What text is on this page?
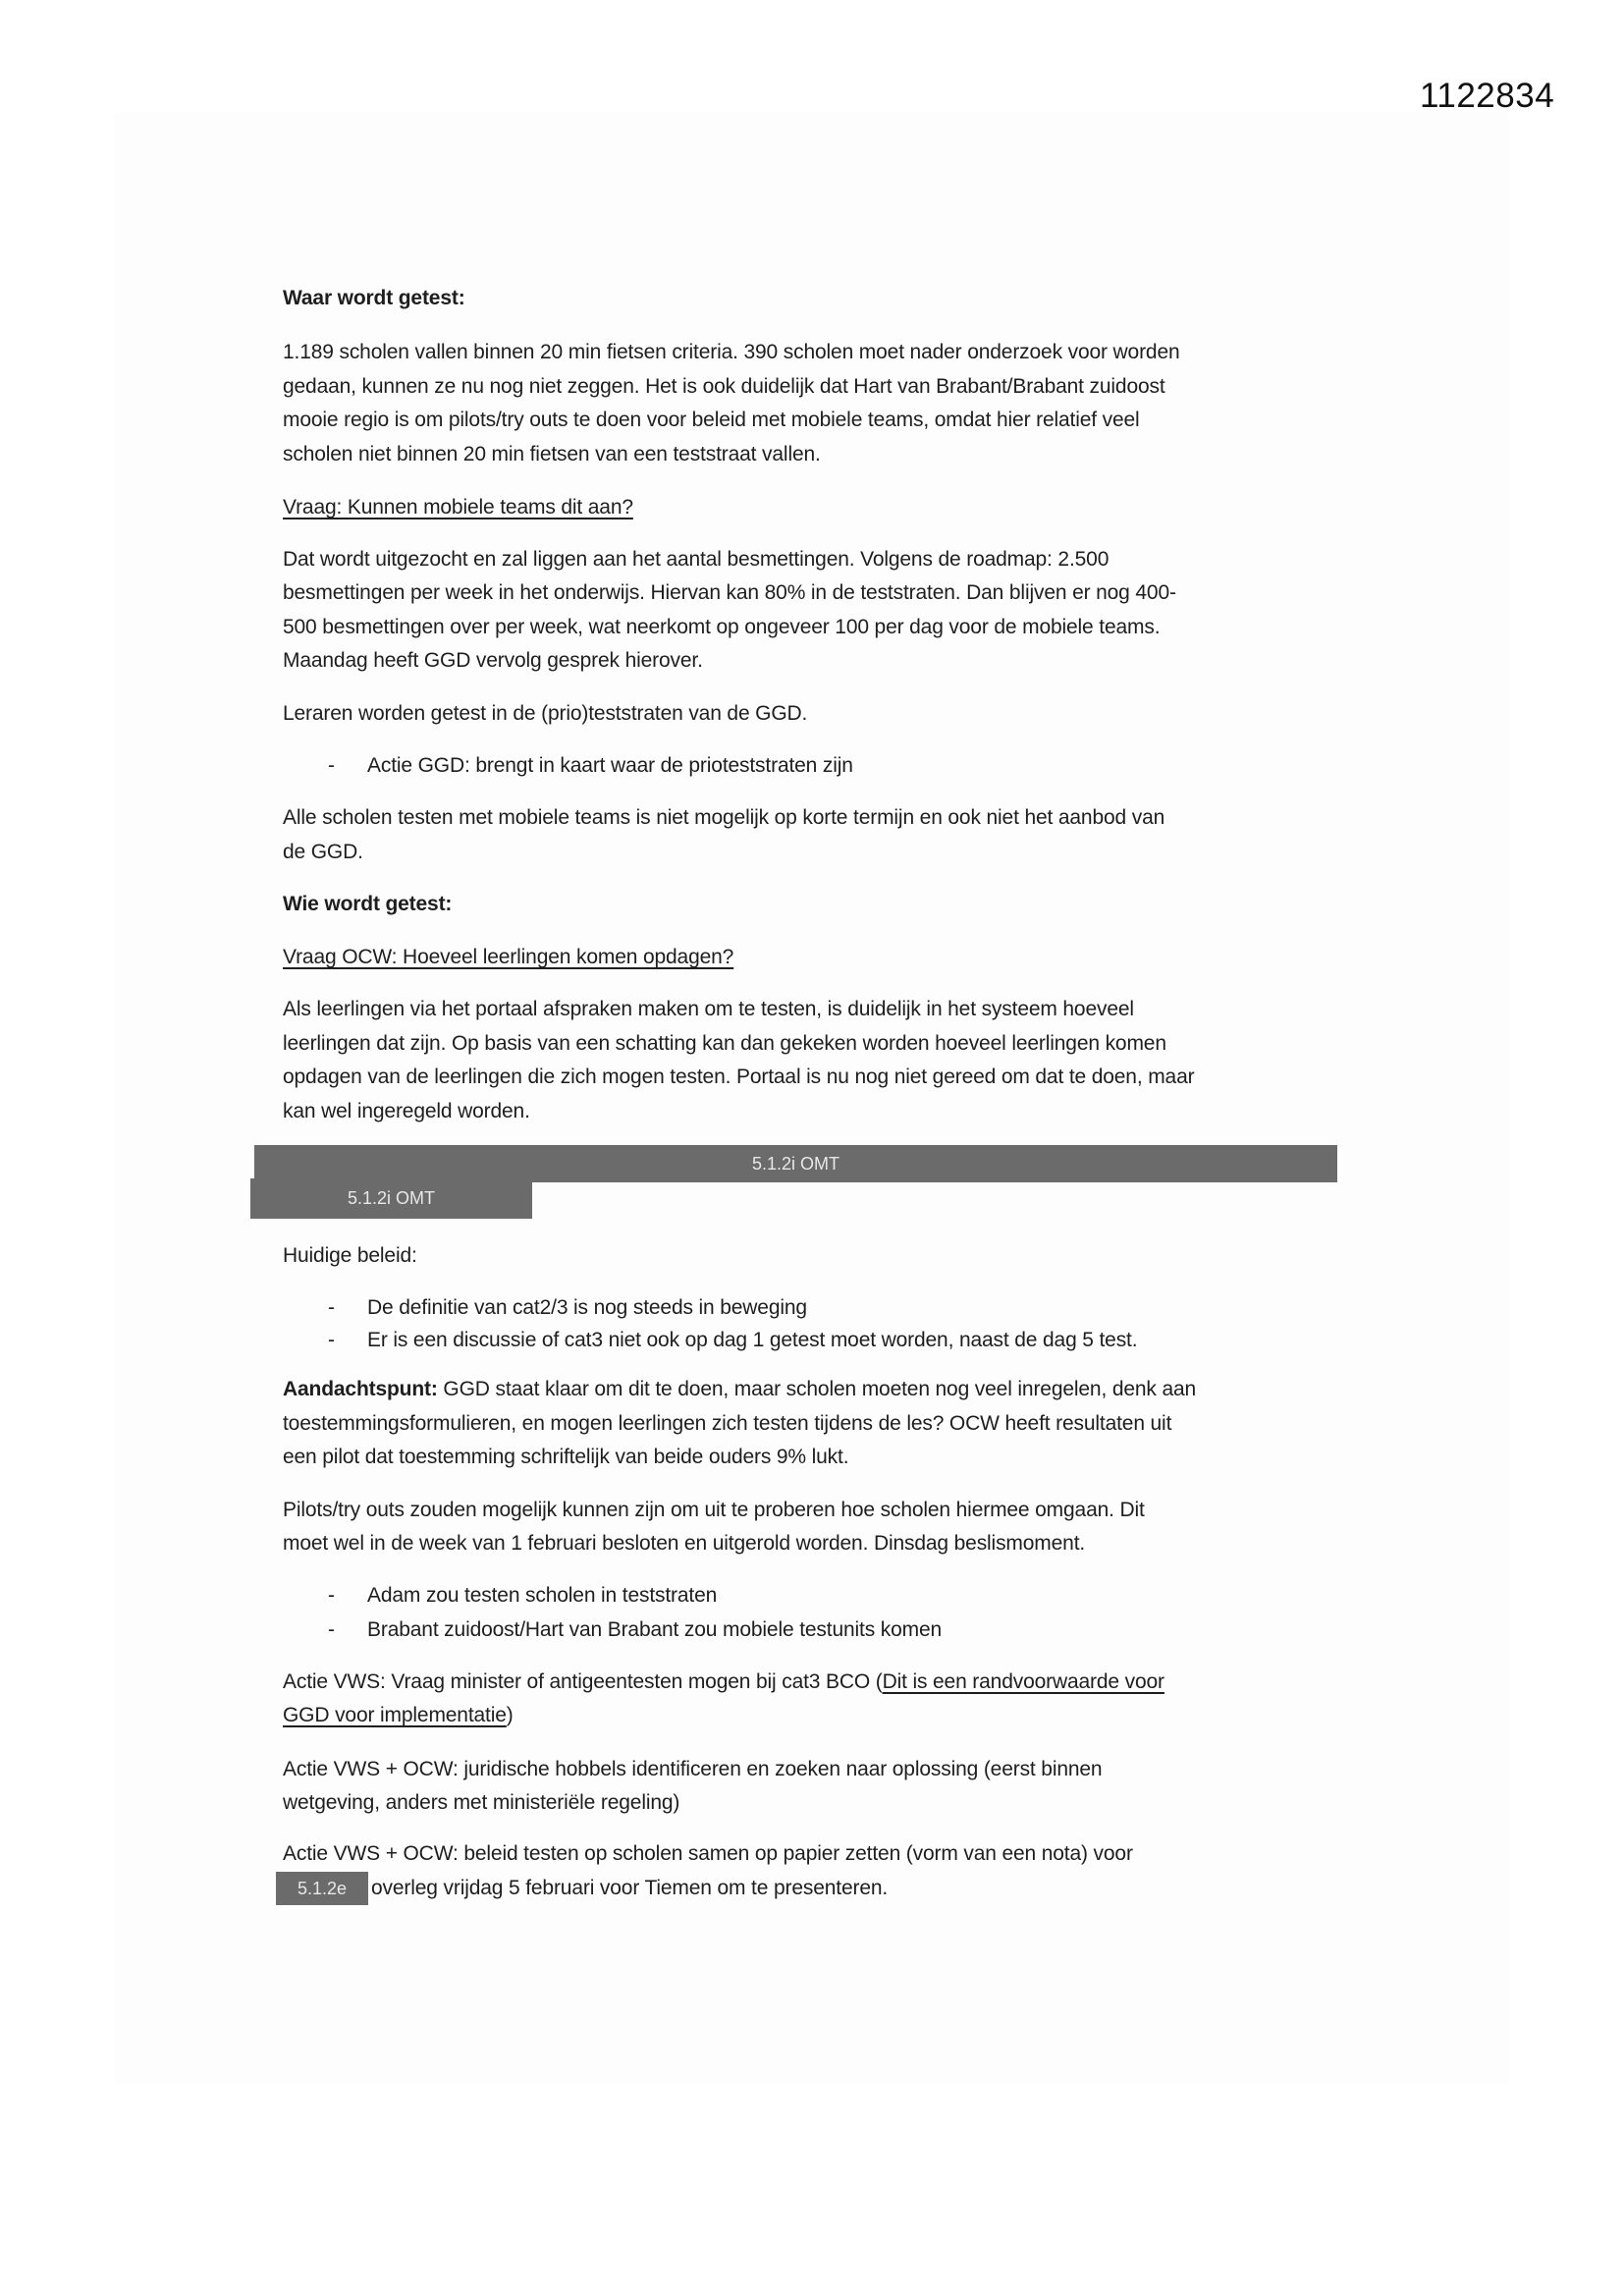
1122834
Waar wordt getest:
1.189 scholen vallen binnen 20 min fietsen criteria. 390 scholen moet nader onderzoek voor worden
gedaan, kunnen ze nu nog niet zeggen. Het is ook duidelijk dat Hart van Brabant/Brabant zuidoost
mooie regio is om pilots/try outs te doen voor beleid met mobiele teams, omdat hier relatief veel
scholen niet binnen 20 min fietsen van een teststraat vallen.
Vraag: Kunnen mobiele teams dit aan?
Dat wordt uitgezocht en zal liggen aan het aantal besmettingen. Volgens de roadmap: 2.500
besmettingen per week in het onderwijs. Hiervan kan 80% in de teststraten. Dan blijven er nog 400-
500 besmettingen over per week, wat neerkomt op ongeveer 100 per dag voor de mobiele teams.
Maandag heeft GGD vervolg gesprek hierover.
Leraren worden getest in de (prio)teststraten van de GGD.
- Actie GGD: brengt in kaart waar de prioteststraten zijn
Alle scholen testen met mobiele teams is niet mogelijk op korte termijn en ook niet het aanbod van
de GGD.
Wie wordt getest:
Vraag OCW: Hoeveel leerlingen komen opdagen?
Als leerlingen via het portaal afspraken maken om te testen, is duidelijk in het systeem hoeveel
leerlingen dat zijn. Op basis van een schatting kan dan gekeken worden hoeveel leerlingen komen
opdagen van de leerlingen die zich mogen testen. Portaal is nu nog niet gereed om dat te doen, maar
kan wel ingeregeld worden.
5.1.2i OMT
5.1.2i OMT
Huidige beleid:
- De definitie van cat2/3 is nog steeds in beweging
- Er is een discussie of cat3 niet ook op dag 1 getest moet worden, naast de dag 5 test.
Aandachtspunt: GGD staat klaar om dit te doen, maar scholen moeten nog veel inregelen, denk aan
toestemmingsformulieren, en mogen leerlingen zich testen tijdens de les? OCW heeft resultaten uit
een pilot dat toestemming schriftelijk van beide ouders 9% lukt.
Pilots/try outs zouden mogelijk kunnen zijn om uit te proberen hoe scholen hiermee omgaan. Dit
moet wel in de week van 1 februari besloten en uitgerold worden. Dinsdag beslismoment.
- Adam zou testen scholen in teststraten
- Brabant zuidoost/Hart van Brabant zou mobiele testunits komen
Actie VWS: Vraag minister of antigeentesten mogen bij cat3 BCO (Dit is een randvoorwaarde voor
GGD voor implementatie)
Actie VWS + OCW: juridische hobbels identificeren en zoeken naar oplossing (eerst binnen
wetgeving, anders met ministeriële regeling)
Actie VWS + OCW: beleid testen op scholen samen op papier zetten (vorm van een nota) voor
5.1.2e	overleg vrijdag 5 februari voor Tiemen om te presenteren.
